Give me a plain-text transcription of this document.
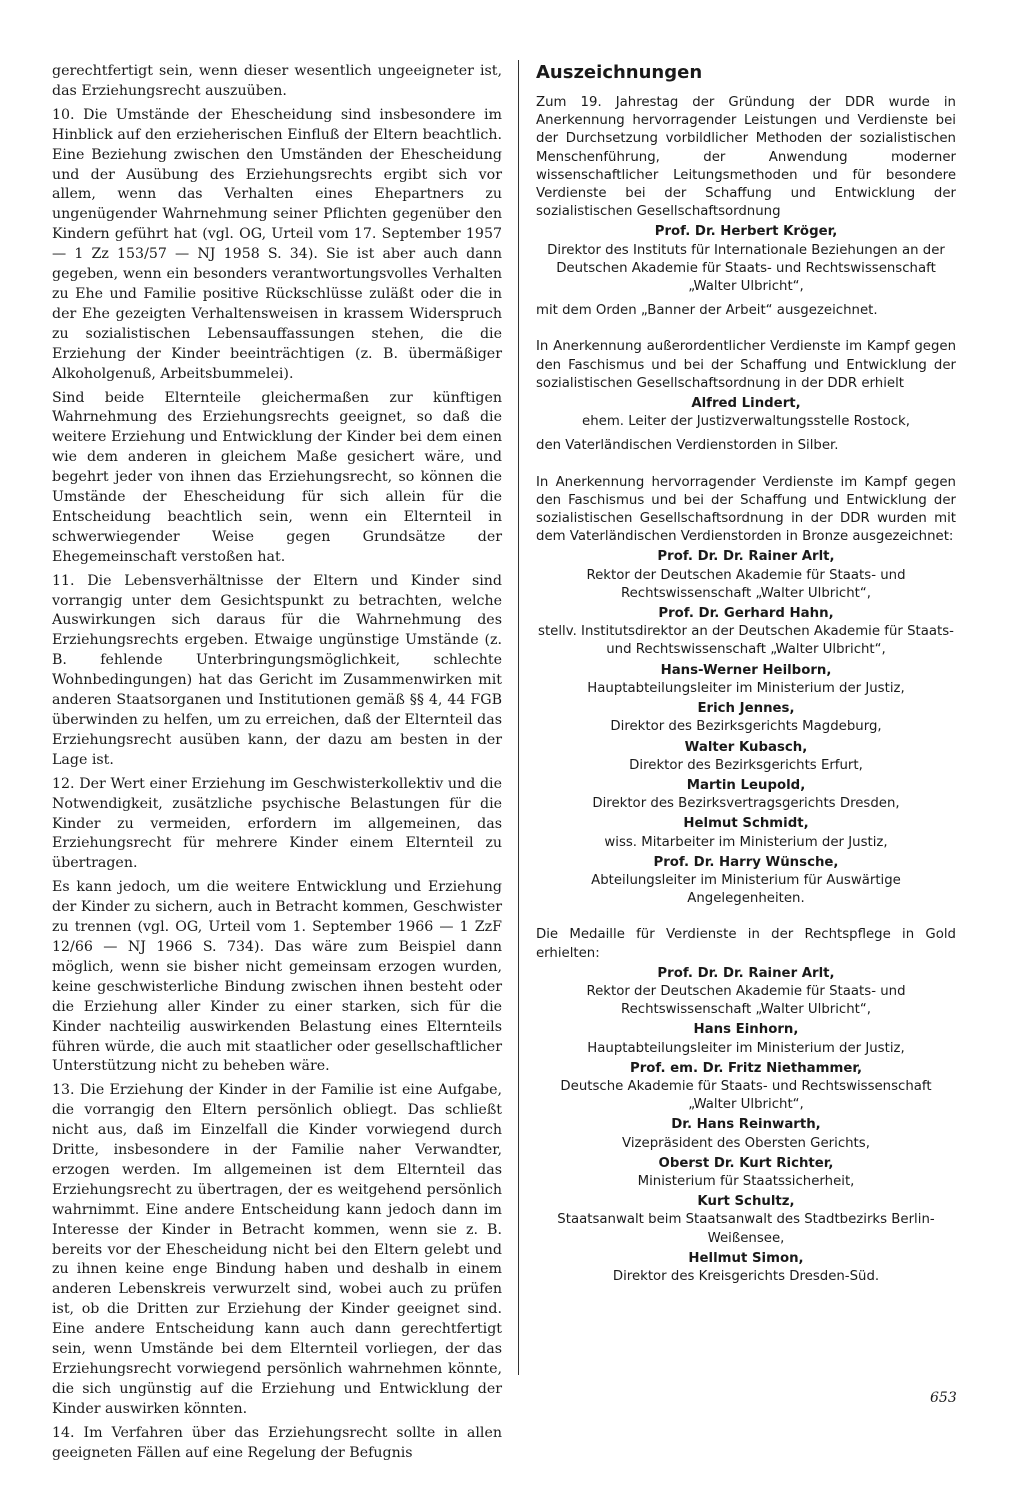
gerechtfertigt sein, wenn dieser wesentlich ungeeigneter ist, das Erziehungsrecht auszuüben.

10. Die Umstände der Ehescheidung sind insbesondere im Hinblick auf den erzieherischen Einfluß der Eltern beachtlich. Eine Beziehung zwischen den Umständen der Ehescheidung und der Ausübung des Erziehungsrechts ergibt sich vor allem, wenn das Verhalten eines Ehepartners zu ungenügender Wahrnehmung seiner Pflichten gegenüber den Kindern geführt hat (vgl. OG, Urteil vom 17. September 1957 — 1 Zz 153/57 — NJ 1958 S. 34). Sie ist aber auch dann gegeben, wenn ein besonders verantwortungsvolles Verhalten zu Ehe und Familie positive Rückschlüsse zuläßt oder die in der Ehe gezeigten Verhaltensweisen in krassem Widerspruch zu sozialistischen Lebensauffassungen stehen, die die Erziehung der Kinder beeinträchtigen (z. B. übermäßiger Alkoholgenuß, Arbeitsbummelei).

Sind beide Elternteile gleichermaßen zur künftigen Wahrnehmung des Erziehungsrechts geeignet, so daß die weitere Erziehung und Entwicklung der Kinder bei dem einen wie dem anderen in gleichem Maße gesichert wäre, und begehrt jeder von ihnen das Erziehungsrecht, so können die Umstände der Ehescheidung für sich allein für die Entscheidung beachtlich sein, wenn ein Elternteil in schwerwiegender Weise gegen Grundsätze der Ehegemeinschaft verstoßen hat.

11. Die Lebensverhältnisse der Eltern und Kinder sind vorrangig unter dem Gesichtspunkt zu betrachten, welche Auswirkungen sich daraus für die Wahrnehmung des Erziehungsrechts ergeben. Etwaige ungünstige Umstände (z. B. fehlende Unterbringungsmöglichkeit, schlechte Wohnbedingungen) hat das Gericht im Zusammenwirken mit anderen Staatsorganen und Institutionen gemäß §§ 4, 44 FGB überwinden zu helfen, um zu erreichen, daß der Elternteil das Erziehungsrecht ausüben kann, der dazu am besten in der Lage ist.

12. Der Wert einer Erziehung im Geschwisterkollektiv und die Notwendigkeit, zusätzliche psychische Belastungen für die Kinder zu vermeiden, erfordern im allgemeinen, das Erziehungsrecht für mehrere Kinder einem Elternteil zu übertragen.

Es kann jedoch, um die weitere Entwicklung und Erziehung der Kinder zu sichern, auch in Betracht kommen, Geschwister zu trennen (vgl. OG, Urteil vom 1. September 1966 — 1 ZzF 12/66 — NJ 1966 S. 734). Das wäre zum Beispiel dann möglich, wenn sie bisher nicht gemeinsam erzogen wurden, keine geschwisterliche Bindung zwischen ihnen besteht oder die Erziehung aller Kinder zu einer starken, sich für die Kinder nachteilig auswirkenden Belastung eines Elternteils führen würde, die auch mit staatlicher oder gesellschaftlicher Unterstützung nicht zu beheben wäre.

13. Die Erziehung der Kinder in der Familie ist eine Aufgabe, die vorrangig den Eltern persönlich obliegt. Das schließt nicht aus, daß im Einzelfall die Kinder vorwiegend durch Dritte, insbesondere in der Familie naher Verwandter, erzogen werden. Im allgemeinen ist dem Elternteil das Erziehungsrecht zu übertragen, der es weitgehend persönlich wahrnimmt. Eine andere Entscheidung kann jedoch dann im Interesse der Kinder in Betracht kommen, wenn sie z. B. bereits vor der Ehescheidung nicht bei den Eltern gelebt und zu ihnen keine enge Bindung haben und deshalb in einem anderen Lebenskreis verwurzelt sind, wobei auch zu prüfen ist, ob die Dritten zur Erziehung der Kinder geeignet sind. Eine andere Entscheidung kann auch dann gerechtfertigt sein, wenn Umstände bei dem Elternteil vorliegen, der das Erziehungsrecht vorwiegend persönlich wahrnehmen könnte, die sich ungünstig auf die Erziehung und Entwicklung der Kinder auswirken könnten.

14. Im Verfahren über das Erziehungsrecht sollte in allen geeigneten Fällen auf eine Regelung der Befugnis

Auszeichnungen

Zum 19. Jahrestag der Gründung der DDR wurde in Anerkennung hervorragender Leistungen und Verdienste bei der Durchsetzung vorbildlicher Methoden der sozialistischen Menschenführung, der Anwendung moderner wissenschaftlicher Leitungsmethoden und für besondere Verdienste bei der Schaffung und Entwicklung der sozialistischen Gesellschaftsordnung

Prof. Dr. Herbert Kröger,
Direktor des Instituts für Internationale Beziehungen an der Deutschen Akademie für Staats- und Rechtswissenschaft „Walter Ulbricht“,

mit dem Orden „Banner der Arbeit“ ausgezeichnet.

In Anerkennung außerordentlicher Verdienste im Kampf gegen den Faschismus und bei der Schaffung und Entwicklung der sozialistischen Gesellschaftsordnung in der DDR erhielt

Alfred Lindert,
ehem. Leiter der Justizverwaltungsstelle Rostock,

den Vaterländischen Verdienstorden in Silber.

In Anerkennung hervorragender Verdienste im Kampf gegen den Faschismus und bei der Schaffung und Entwicklung der sozialistischen Gesellschaftsordnung in der DDR wurden mit dem Vaterländischen Verdienstorden in Bronze ausgezeichnet:

Prof. Dr. Dr. Rainer Arlt,
Rektor der Deutschen Akademie für Staats- und Rechtswissenschaft „Walter Ulbricht“,
Prof. Dr. Gerhard Hahn,
stellv. Institutsdirektor an der Deutschen Akademie für Staats- und Rechtswissenschaft „Walter Ulbricht“,
Hans-Werner Heilborn,
Hauptabteilungsleiter im Ministerium der Justiz,
Erich Jennes,
Direktor des Bezirksgerichts Magdeburg,
Walter Kubasch,
Direktor des Bezirksgerichts Erfurt,
Martin Leupold,
Direktor des Bezirksvertragsgerichts Dresden,
Helmut Schmidt,
wiss. Mitarbeiter im Ministerium der Justiz,
Prof. Dr. Harry Wünsche,
Abteilungsleiter im Ministerium für Auswärtige Angelegenheiten.

Die Medaille für Verdienste in der Rechtspflege in Gold erhielten:

Prof. Dr. Dr. Rainer Arlt,
Rektor der Deutschen Akademie für Staats- und Rechtswissenschaft „Walter Ulbricht“,
Hans Einhorn,
Hauptabteilungsleiter im Ministerium der Justiz,
Prof. em. Dr. Fritz Niethammer,
Deutsche Akademie für Staats- und Rechtswissenschaft „Walter Ulbricht“,
Dr. Hans Reinwarth,
Vizepräsident des Obersten Gerichts,
Oberst Dr. Kurt Richter,
Ministerium für Staatssicherheit,
Kurt Schultz,
Staatsanwalt beim Staatsanwalt des Stadtbezirks Berlin-Weißensee,
Hellmut Simon,
Direktor des Kreisgerichts Dresden-Süd.
653
